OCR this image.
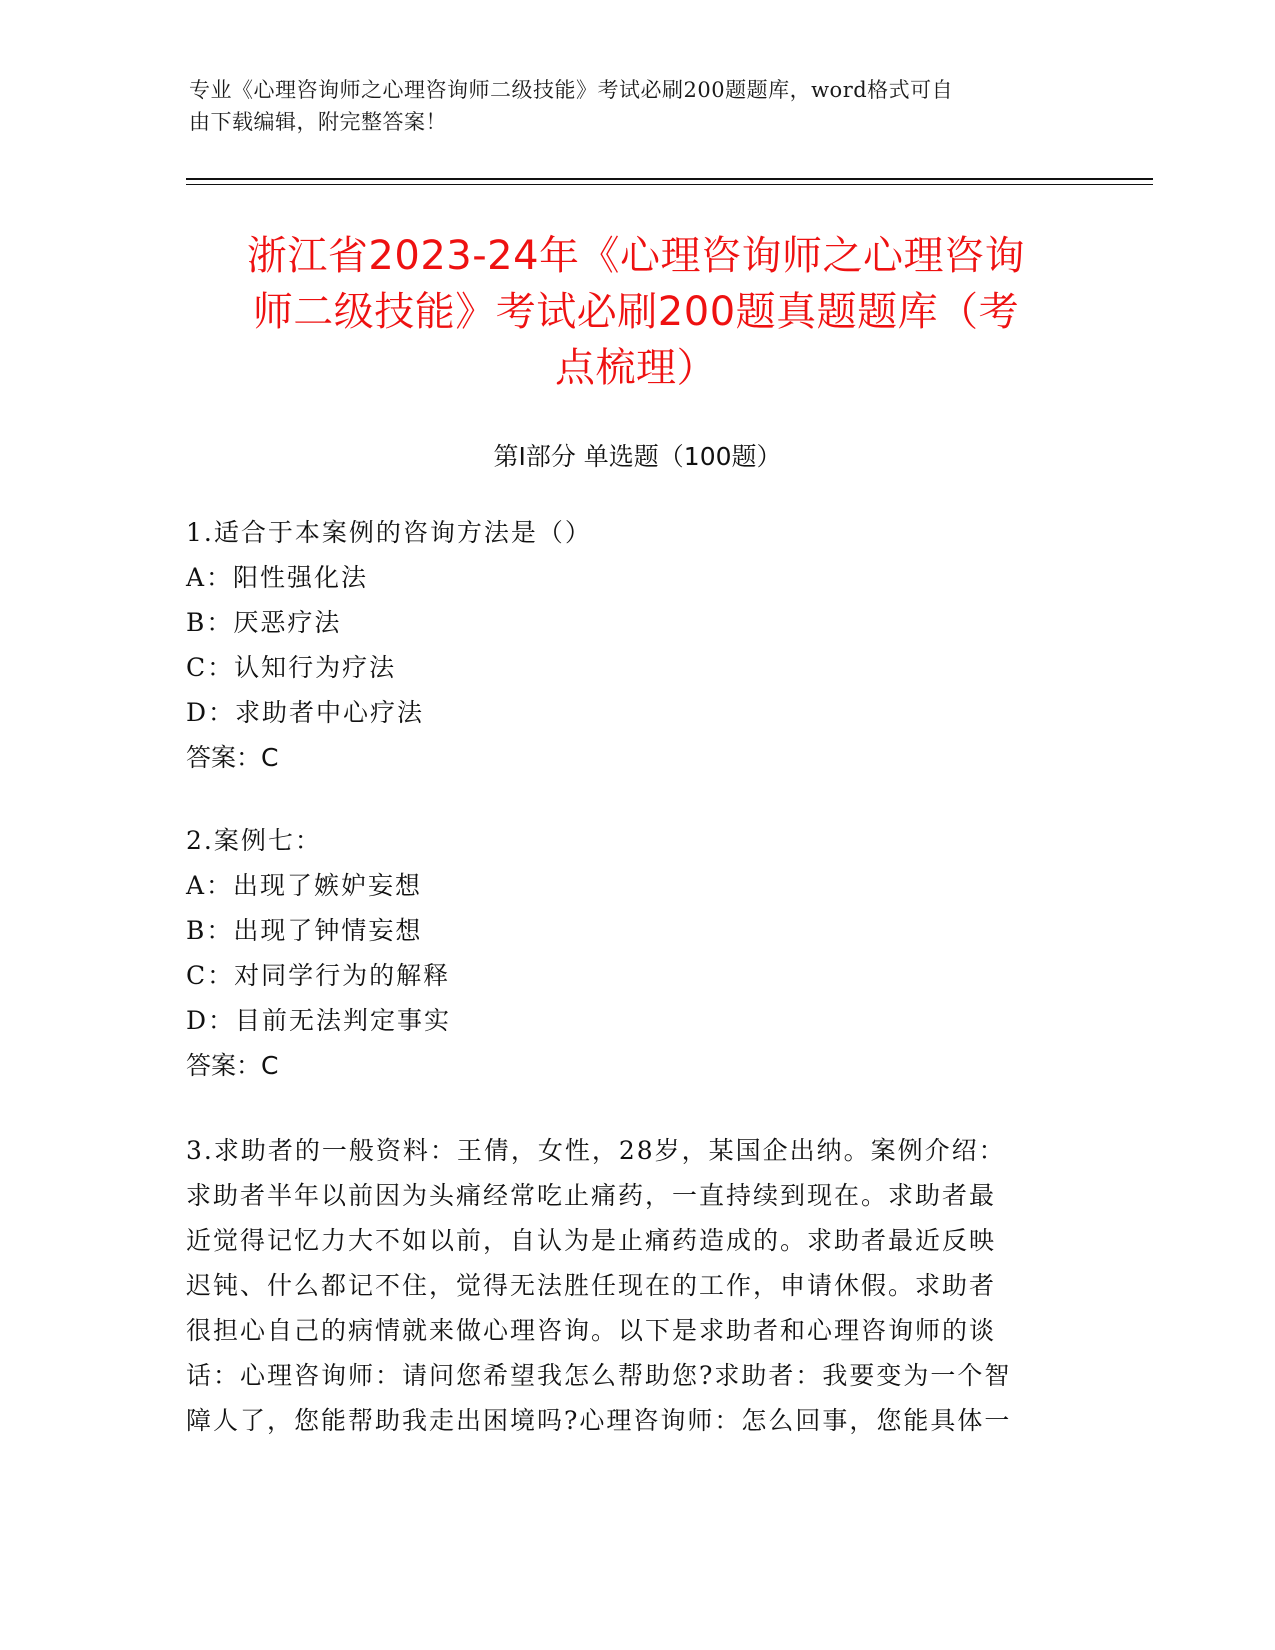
专业《心理咨询师之心理咨询师二级技能》考试必刷200题题库，word格式可自
由下载编辑，附完整答案！
浙江省2023-24年《心理咨询师之心理咨询
师二级技能》考试必刷200题真题题库（考
点梳理）
第Ⅰ部分 单选题（100题）

1.适合于本案例的咨询方法是（）

A：阳性强化法

B：厌恶疗法

C：认知行为疗法

D：求助者中心疗法

答案：C

2.案例七：

A：出现了嫉妒妄想

B：出现了钟情妄想

C：对同学行为的解释

D：目前无法判定事实

答案：C

3.求助者的一般资料：王倩，女性，28岁，某国企出纳。案例介绍：

求助者半年以前因为头痛经常吃止痛药，一直持续到现在。求助者最

近觉得记忆力大不如以前，自认为是止痛药造成的。求助者最近反映

迟钝、什么都记不住，觉得无法胜任现在的工作，申请休假。求助者

很担心自己的病情就来做心理咨询。以下是求助者和心理咨询师的谈

话：心理咨询师：请问您希望我怎么帮助您?求助者：我要变为一个智

障人了，您能帮助我走出困境吗?心理咨询师：怎么回事，您能具体一
